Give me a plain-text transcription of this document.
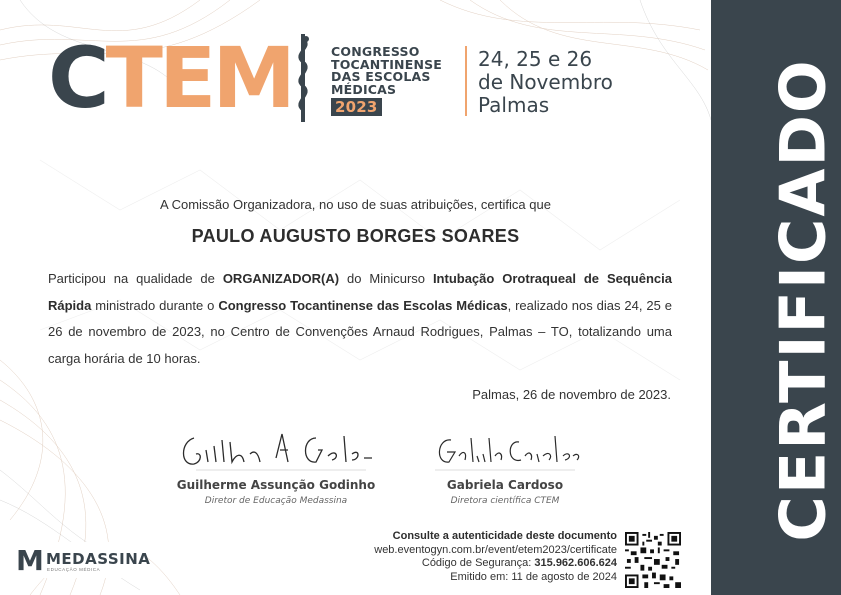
CERTIFICADO
CTEM	CONGRESSO
TOCANTINENSE
DAS ESCOLAS
MÉDICAS
2023
24, 25 e 26
de Novembro
Palmas
A Comissão Organizadora, no uso de suas atribuições, certifica que
PAULO AUGUSTO BORGES SOARES
Participou na qualidade de ORGANIZADOR(A) do Minicurso Intubação Orotraqueal de Sequência Rápida ministrado durante o Congresso Tocantinense das Escolas Médicas, realizado nos dias 24, 25 e 26 de novembro de 2023, no Centro de Convenções Arnaud Rodrigues, Palmas – TO, totalizando uma carga horária de 10 horas.
Palmas, 26 de novembro de 2023.
Guilherme Assunção Godinho
Diretor de Educação Medassina
Gabriela Cardoso
Diretora científica CTEM
Consulte a autenticidade deste documento
web.eventogyn.com.br/event/etem2023/certificate
Código de Segurança: 315.962.606.624
Emitido em: 11 de agosto de 2024
M MEDASSINA
EDUCAÇÃO MÉDICA
